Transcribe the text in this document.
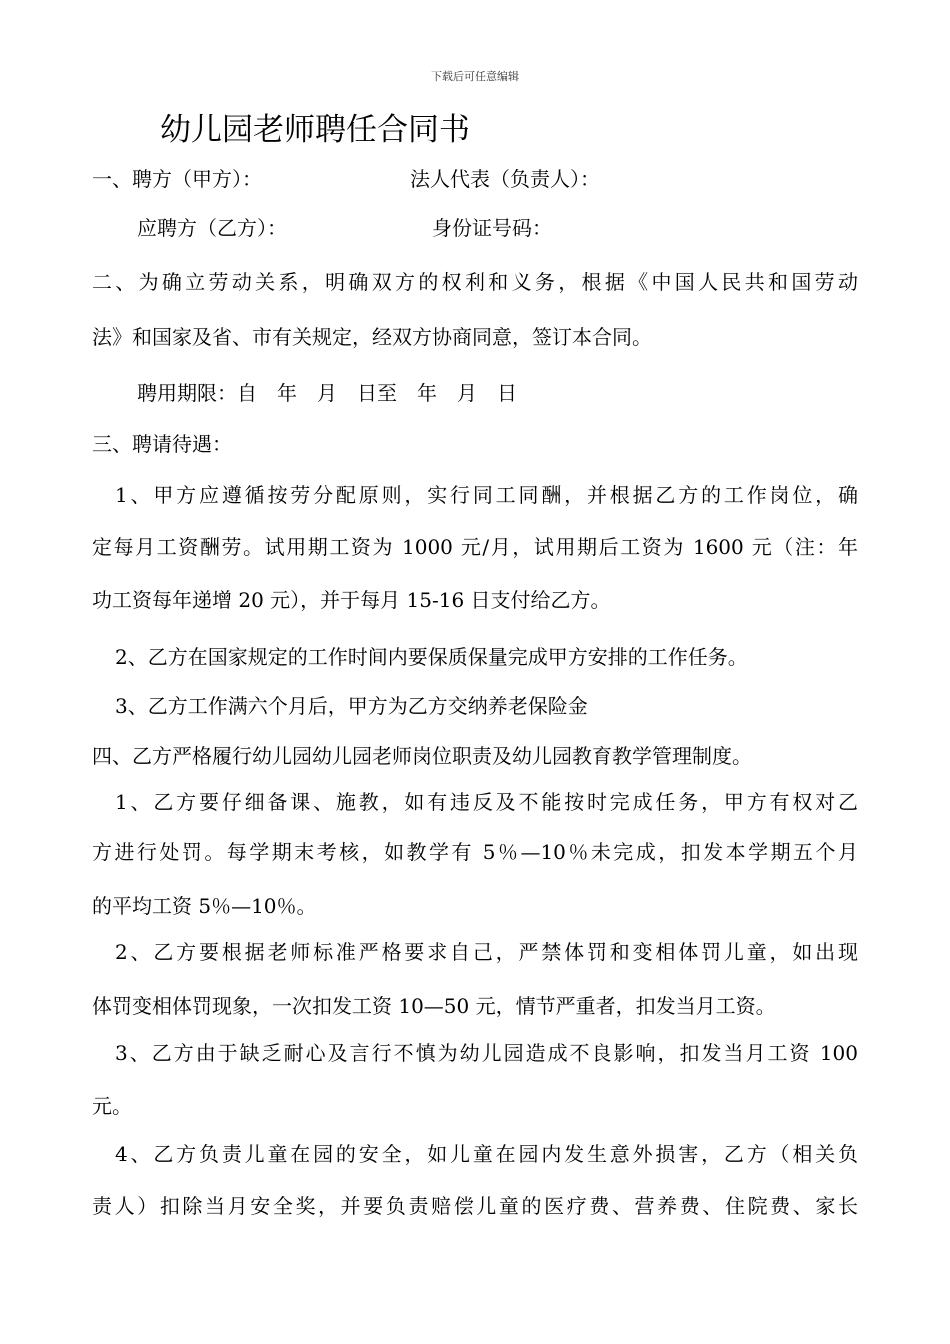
下载后可任意编辑
幼儿园老师聘任合同书
一、聘方（甲方）：	法人代表（负责人）：
应聘方（乙方）：	身份证号码：
二、为确立劳动关系，明确双方的权利和义务，根据《中国人民共和国劳动
法》和国家及省、市有关规定，经双方协商同意，签订本合同。
聘用期限：自　年　月　日至　年　月　日
三、聘请待遇：
1、甲方应遵循按劳分配原则，实行同工同酬，并根据乙方的工作岗位，确
定每月工资酬劳。试用期工资为 1000 元/月，试用期后工资为 1600 元（注：年
功工资每年递增 20 元），并于每月 15-16 日支付给乙方。
2、乙方在国家规定的工作时间内要保质保量完成甲方安排的工作任务。
3、乙方工作满六个月后，甲方为乙方交纳养老保险金
四、乙方严格履行幼儿园幼儿园老师岗位职责及幼儿园教育教学管理制度。
1、乙方要仔细备课、施教，如有违反及不能按时完成任务，甲方有权对乙
方进行处罚。每学期末考核，如教学有 5％—10％未完成，扣发本学期五个月
的平均工资 5％—10％。
2、乙方要根据老师标准严格要求自己，严禁体罚和变相体罚儿童，如出现
体罚变相体罚现象，一次扣发工资 10—50 元，情节严重者，扣发当月工资。
3、乙方由于缺乏耐心及言行不慎为幼儿园造成不良影响，扣发当月工资 100
元。
4、乙方负责儿童在园的安全，如儿童在园内发生意外损害，乙方（相关负
责人）扣除当月安全奖，并要负责赔偿儿童的医疗费、营养费、住院费、家长
